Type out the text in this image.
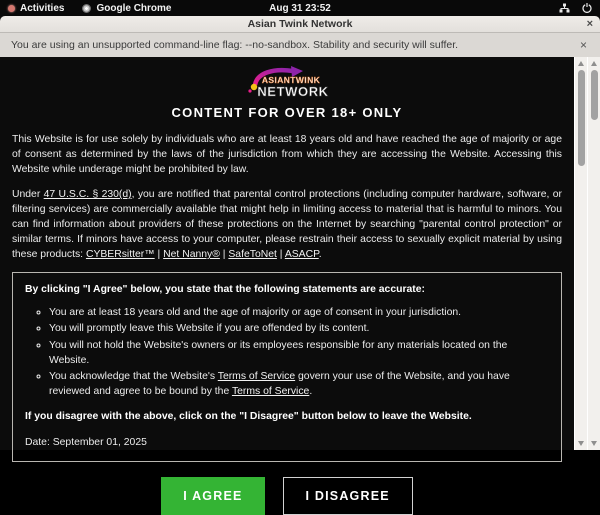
Activities	Google Chrome	Aug 31 23:52
Asian Twink Network	×
You are using an unsupported command-line flag: --no-sandbox. Stability and security will suffer.	×
ASIANTWINK
NETWORK
CONTENT FOR OVER 18+ ONLY

This Website is for use solely by individuals who are at least 18 years old and have reached the age of majority or age of consent as determined by the laws of the jurisdiction from which they are accessing the Website. Accessing this Website while underage might be prohibited by law.

Under 47 U.S.C. § 230(d), you are notified that parental control protections (including computer hardware, software, or filtering services) are commercially available that might help in limiting access to material that is harmful to minors. You can find information about providers of these protections on the Internet by searching "parental control protection" or similar terms. If minors have access to your computer, please restrain their access to sexually explicit material by using these products: CYBERsitter™ | Net Nanny® | SafeToNet | ASACP.

By clicking "I Agree" below, you state that the following statements are accurate:
◦ You are at least 18 years old and the age of majority or age of consent in your jurisdiction.
◦ You will promptly leave this Website if you are offended by its content.
◦ You will not hold the Website's owners or its employees responsible for any materials located on the Website.
◦ You acknowledge that the Website's Terms of Service govern your use of the Website, and you have reviewed and agree to be bound by the Terms of Service.
If you disagree with the above, click on the "I Disagree" button below to leave the Website.
Date: September 01, 2025
I AGREE	I DISAGREE
